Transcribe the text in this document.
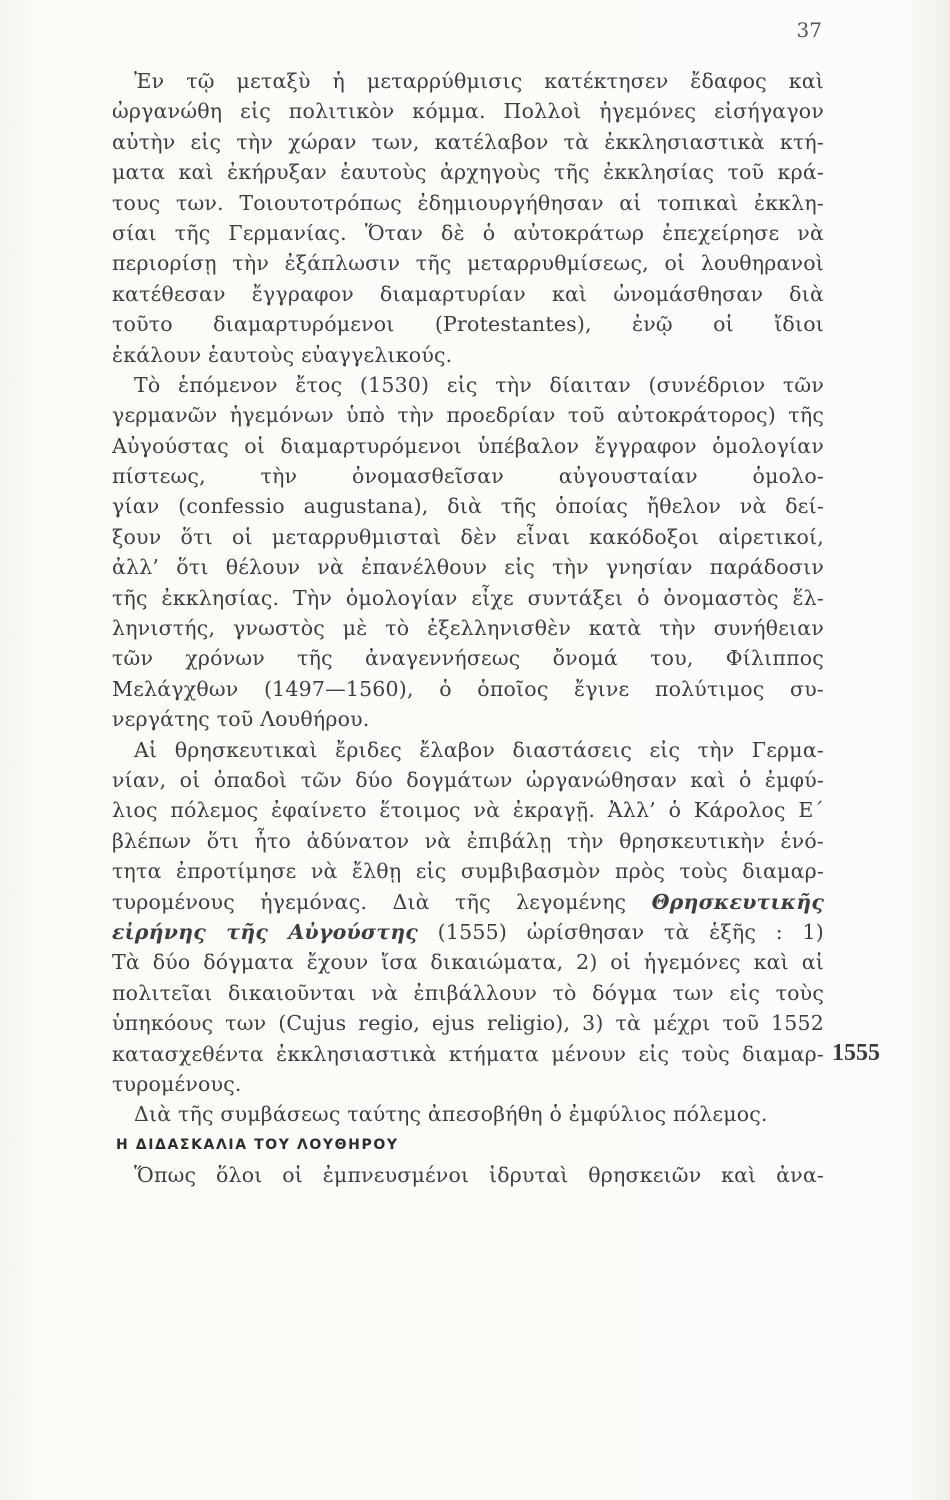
37
Ἐν τῷ μεταξὺ ἡ μεταρρύθμισις κατέκτησεν ἔδαφος καὶ
ὠργανώθη εἰς πολιτικὸν κόμμα. Πολλοὶ ἡγεμόνες εἰσήγαγον
αὐτὴν εἰς τὴν χώραν των, κατέλαβον τὰ ἐκκλησιαστικὰ κτή-
ματα καὶ ἐκήρυξαν ἑαυτοὺς ἀρχηγοὺς τῆς ἐκκλησίας τοῦ κρά-
τους των. Τοιουτοτρόπως ἐδημιουργήθησαν αἱ τοπικαὶ ἐκκλη-
σίαι τῆς Γερμανίας. Ὅταν δὲ ὁ αὐτοκράτωρ ἐπεχείρησε νὰ
περιορίσῃ τὴν ἐξάπλωσιν τῆς μεταρρυθμίσεως, οἱ λουθηρανοὶ
κατέθεσαν ἔγγραφον διαμαρτυρίαν καὶ ὠνομάσθησαν διὰ
τοῦτο διαμαρτυρόμενοι (Protestantes), ἐνῷ οἱ ἴδιοι
ἐκάλουν ἑαυτοὺς εὐαγγελικούς.
Τὸ ἑπόμενον ἔτος (1530) εἰς τὴν δίαιταν (συνέδριον τῶν
γερμανῶν ἡγεμόνων ὑπὸ τὴν προεδρίαν τοῦ αὐτοκράτορος) τῆς
Αὐγούστας οἱ διαμαρτυρόμενοι ὑπέβαλον ἔγγραφον ὁμολογίαν
πίστεως, τὴν ὀνομασθεῖσαν αὐγουσταίαν ὁμολο-
γίαν (confessio augustana), διὰ τῆς ὁποίας ἤθελον νὰ δεί-
ξουν ὅτι οἱ μεταρρυθμισταὶ δὲν εἶναι κακόδοξοι αἱρετικοί,
ἀλλ’ ὅτι θέλουν νὰ ἐπανέλθουν εἰς τὴν γνησίαν παράδοσιν
τῆς ἐκκλησίας. Τὴν ὁμολογίαν εἶχε συντάξει ὁ ὀνομαστὸς ἕλ-
ληνιστής, γνωστὸς μὲ τὸ ἐξελληνισθὲν κατὰ τὴν συνήθειαν
τῶν χρόνων τῆς ἀναγεννήσεως ὄνομά του, Φίλιππος
Μελάγχθων (1497—1560), ὁ ὁποῖος ἔγινε πολύτιμος συ-
νεργάτης τοῦ Λουθήρου.
Αἱ θρησκευτικαὶ ἔριδες ἔλαβον διαστάσεις εἰς τὴν Γερμα-
νίαν, οἱ ὀπαδοὶ τῶν δύο δογμάτων ὠργανώθησαν καὶ ὁ ἐμφύ-
λιος πόλεμος ἐφαίνετο ἕτοιμος νὰ ἐκραγῇ. Ἀλλ’ ὁ Κάρολος Ε΄
βλέπων ὅτι ἦτο ἀδύνατον νὰ ἐπιβάλῃ τὴν θρησκευτικὴν ἑνό-
τητα ἐπροτίμησε νὰ ἔλθῃ εἰς συμβιβασμὸν πρὸς τοὺς διαμαρ-
τυρομένους ἡγεμόνας. Διὰ τῆς λεγομένης Θρησκευτικῆς
εἰρήνης τῆς Αὐγούστης (1555) ὡρίσθησαν τὰ ἑξῆς : 1)
Τὰ δύο δόγματα ἔχουν ἴσα δικαιώματα, 2) οἱ ἡγεμόνες καὶ αἱ
πολιτεῖαι δικαιοῦνται νὰ ἐπιβάλλουν τὸ δόγμα των εἰς τοὺς
ὑπηκόους των (Cujus regio, ejus religio), 3) τὰ μέχρι τοῦ 1552
κατασχεθέντα ἐκκλησιαστικὰ κτήματα μένουν εἰς τοὺς διαμαρ-
τυρομένους.
Διὰ τῆς συμβάσεως ταύτης ἀπεσοβήθη ὁ ἐμφύλιος πόλεμος.
Η ΔΙΔΑΣΚΑΛΙΑ ΤΟΥ ΛΟΥΘΗΡΟΥ
Ὅπως ὅλοι οἱ ἐμπνευσμένοι ἱδρυταὶ θρησκειῶν καὶ ἀνα-
1555
